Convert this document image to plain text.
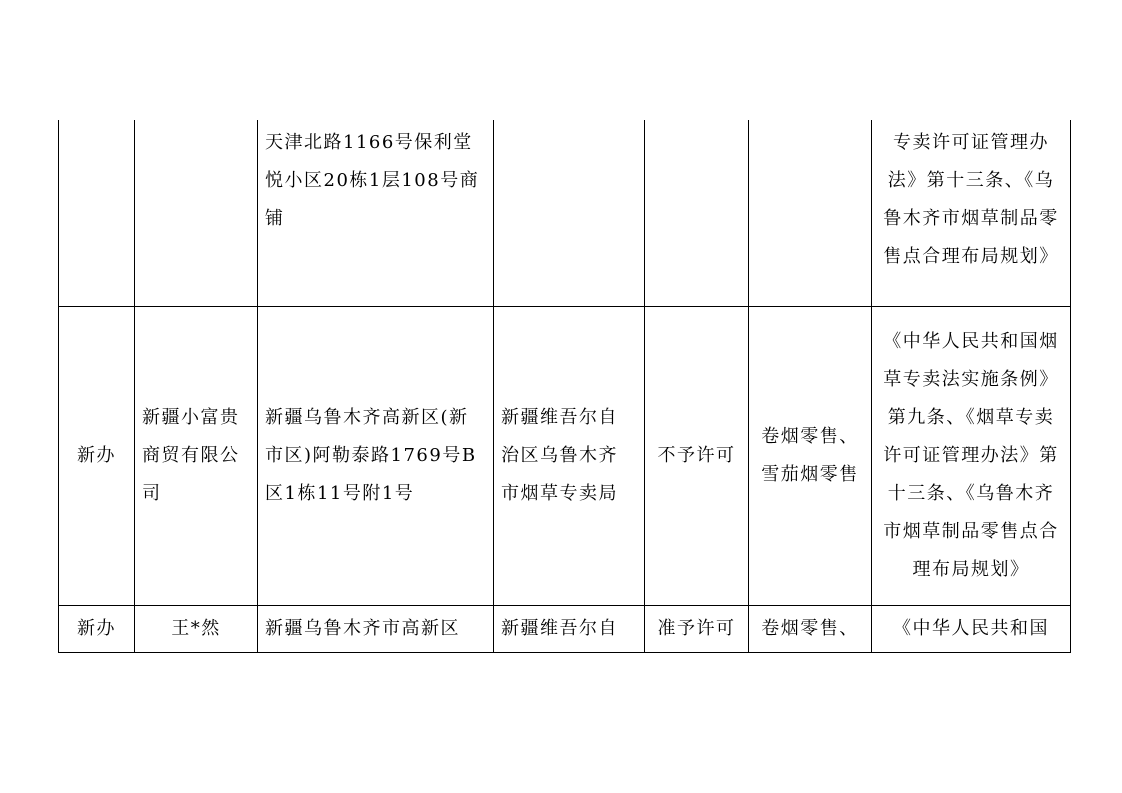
		天津北路1166号保利堂悦小区20栋1层108号商铺				专卖许可证管理办法》第十三条、《乌鲁木齐市烟草制品零售点合理布局规划》
新办	新疆小富贵商贸有限公司	新疆乌鲁木齐高新区(新市区)阿勒泰路1769号B区1栋11号附1号	新疆维吾尔自治区乌鲁木齐市烟草专卖局	不予许可	卷烟零售、雪茄烟零售	《中华人民共和国烟草专卖法实施条例》第九条、《烟草专卖许可证管理办法》第十三条、《乌鲁木齐市烟草制品零售点合理布局规划》
新办	王*然	新疆乌鲁木齐市高新区	新疆维吾尔自	准予许可	卷烟零售、	《中华人民共和国
